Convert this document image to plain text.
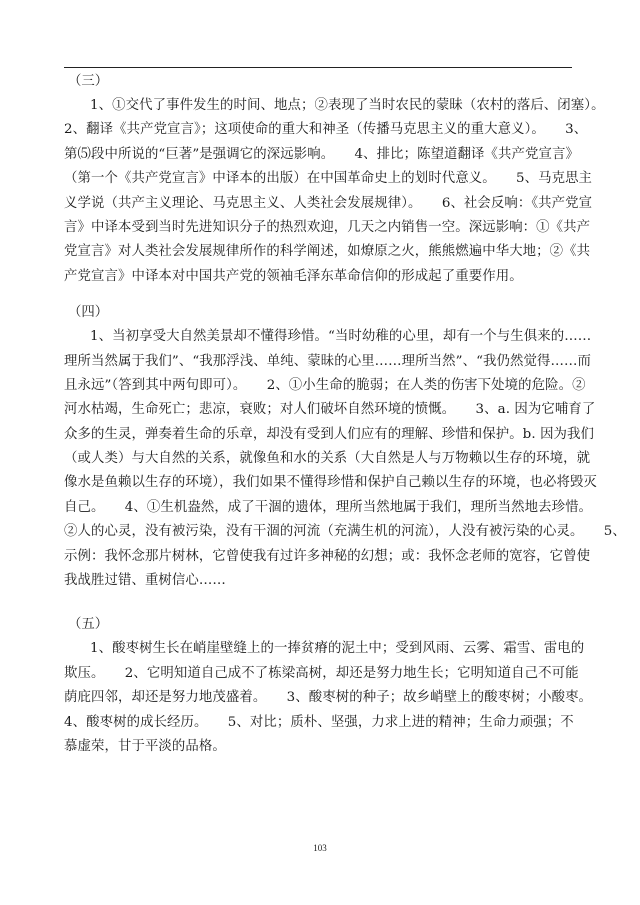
（三）
1、①交代了事件发生的时间、地点；②表现了当时农民的蒙昧（农村的落后、闭塞）。
2、翻译《共产党宣言》；这项使命的重大和神圣（传播马克思主义的重大意义）。　　3、
第⑸段中所说的“巨著”是强调它的深远影响。　　4、排比；陈望道翻译《共产党宣言》
（第一个《共产党宣言》中译本的出版）在中国革命史上的划时代意义。　　5、马克思主
义学说（共产主义理论、马克思主义、人类社会发展规律）。　　6、社会反响：《共产党宣
言》中译本受到当时先进知识分子的热烈欢迎，几天之内销售一空。深远影响：①《共产
党宣言》对人类社会发展规律所作的科学阐述，如燎原之火，熊熊燃遍中华大地；②《共
产党宣言》中译本对中国共产党的领袖毛泽东革命信仰的形成起了重要作用。
（四）
1、当初享受大自然美景却不懂得珍惜。“当时幼稚的心里，却有一个与生俱来的……
理所当然属于我们”、“我那浮浅、单纯、蒙昧的心里……理所当然”、“我仍然觉得……而
且永远”（答到其中两句即可）。　　2、①小生命的脆弱；在人类的伤害下处境的危险。②
河水枯竭，生命死亡；悲凉，衰败；对人们破坏自然环境的愤慨。　　3、a. 因为它哺育了
众多的生灵，弹奏着生命的乐章，却没有受到人们应有的理解、珍惜和保护。b. 因为我们
（或人类）与大自然的关系，就像鱼和水的关系（大自然是人与万物赖以生存的环境，就
像水是鱼赖以生存的环境），我们如果不懂得珍惜和保护自己赖以生存的环境，也必将毁灭
自己。　　4、①生机盎然，成了干涸的遗体，理所当然地属于我们，理所当然地去珍惜。
②人的心灵，没有被污染，没有干涸的河流（充满生机的河流），人没有被污染的心灵。　　5、
示例：我怀念那片树林，它曾使我有过许多神秘的幻想；或：我怀念老师的宽容，它曾使
我战胜过错、重树信心……
（五）
1、酸枣树生长在峭崖壁缝上的一捧贫瘠的泥土中；受到风雨、云雾、霜雪、雷电的
欺压。　　2、它明知道自己成不了栋梁高树，却还是努力地生长；它明知道自己不可能
荫庇四邻，却还是努力地茂盛着。　　3、酸枣树的种子；故乡峭壁上的酸枣树；小酸枣。
4、酸枣树的成长经历。　　5、对比；质朴、坚强，力求上进的精神；生命力顽强；不
慕虚荣，甘于平淡的品格。
103
